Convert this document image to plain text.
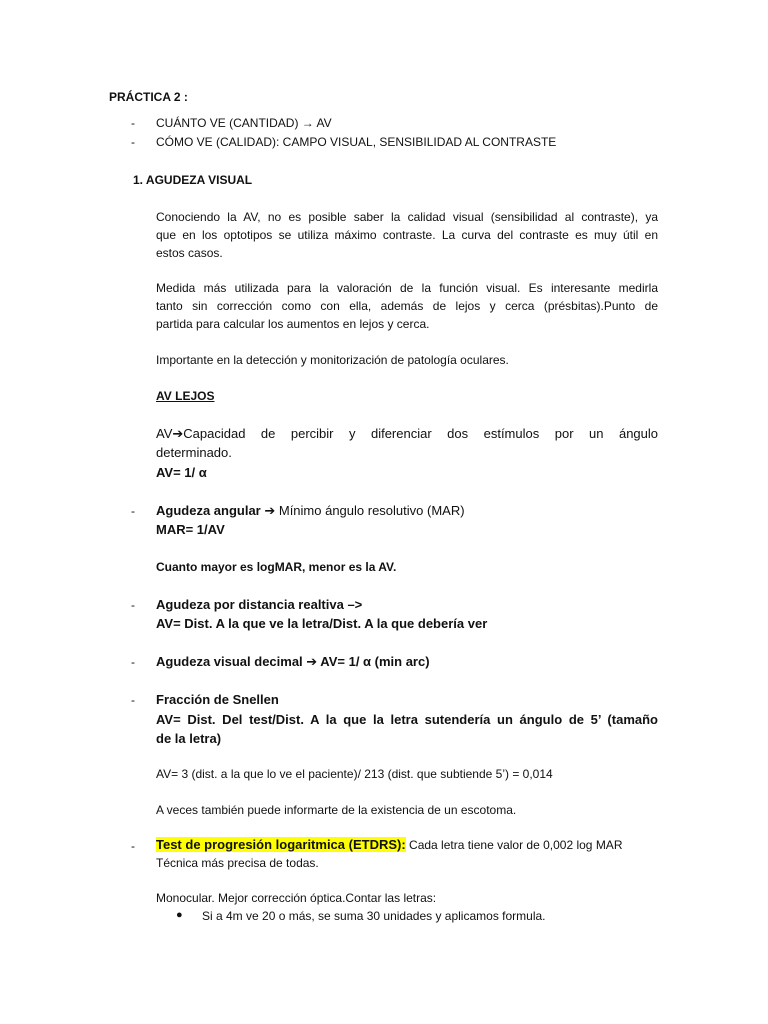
PRÁCTICA 2 :
- CUÁNTO VE (CANTIDAD) → AV
- CÓMO VE (CALIDAD): CAMPO VISUAL, SENSIBILIDAD AL CONTRASTE
1. AGUDEZA VISUAL
Conociendo la AV, no es posible saber la calidad visual (sensibilidad al contraste), ya
que en los optotipos se utiliza máximo contraste. La curva del contraste es muy útil en
estos casos.
Medida más utilizada para la valoración de la función visual. Es interesante medirla
tanto sin corrección como con ella, además de lejos y cerca (présbitas).Punto de
partida para calcular los aumentos en lejos y cerca.
Importante en la detección y monitorización de patología oculares.
AV LEJOS
AV➔Capacidad de percibir y diferenciar dos estímulos por un ángulo
determinado.
AV= 1/ α
- Agudeza angular ➔ Mínimo ángulo resolutivo (MAR)
MAR= 1/AV
Cuanto mayor es logMAR, menor es la AV.
- Agudeza por distancia realtiva –>
AV= Dist. A la que ve la letra/Dist. A la que debería ver
- Agudeza visual decimal ➔ AV= 1/ α (min arc)
- Fracción de Snellen
AV= Dist. Del test/Dist. A la que la letra sutendería un ángulo de 5’ (tamaño
de la letra)
AV= 3 (dist. a la que lo ve el paciente)/ 213 (dist. que subtiende 5’) = 0,014
A veces también puede informarte de la existencia de un escotoma.
- Test de progresión logaritmica (ETDRS): Cada letra tiene valor de 0,002 log MAR
Técnica más precisa de todas.
Monocular. Mejor corrección óptica.Contar las letras:
● Si a 4m ve 20 o más, se suma 30 unidades y aplicamos formula.
